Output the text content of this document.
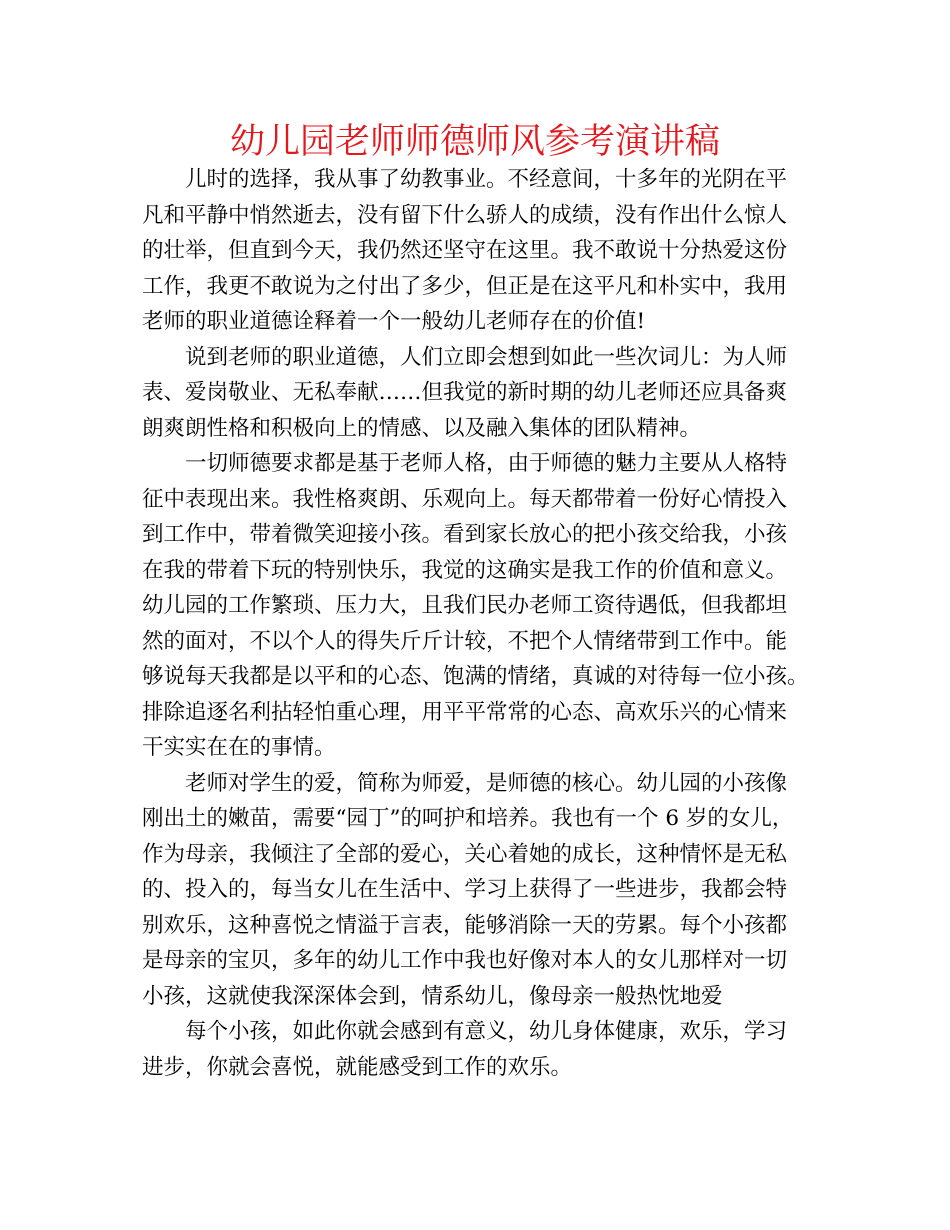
幼儿园老师师德师风参考演讲稿
儿时的选择，我从事了幼教事业。不经意间，十多年的光阴在平
凡和平静中悄然逝去，没有留下什么骄人的成绩，没有作出什么惊人
的壮举，但直到今天，我仍然还坚守在这里。我不敢说十分热爱这份
工作，我更不敢说为之付出了多少，但正是在这平凡和朴实中，我用
老师的职业道德诠释着一个一般幼儿老师存在的价值!
说到老师的职业道德，人们立即会想到如此一些次词儿：为人师
表、爱岗敬业、无私奉献……但我觉的新时期的幼儿老师还应具备爽
朗爽朗性格和积极向上的情感、以及融入集体的团队精神。
一切师德要求都是基于老师人格，由于师德的魅力主要从人格特
征中表现出来。我性格爽朗、乐观向上。每天都带着一份好心情投入
到工作中，带着微笑迎接小孩。看到家长放心的把小孩交给我，小孩
在我的带着下玩的特别快乐，我觉的这确实是我工作的价值和意义。
幼儿园的工作繁琐、压力大，且我们民办老师工资待遇低，但我都坦
然的面对，不以个人的得失斤斤计较，不把个人情绪带到工作中。能
够说每天我都是以平和的心态、饱满的情绪，真诚的对待每一位小孩。
排除追逐名利拈轻怕重心理，用平平常常的心态、高欢乐兴的心情来
干实实在在的事情。
老师对学生的爱，简称为师爱，是师德的核心。幼儿园的小孩像
刚出土的嫩苗，需要“园丁”的呵护和培养。我也有一个 6 岁的女儿，
作为母亲，我倾注了全部的爱心，关心着她的成长，这种情怀是无私
的、投入的，每当女儿在生活中、学习上获得了一些进步，我都会特
别欢乐，这种喜悦之情溢于言表，能够消除一天的劳累。每个小孩都
是母亲的宝贝，多年的幼儿工作中我也好像对本人的女儿那样对一切
小孩，这就使我深深体会到，情系幼儿，像母亲一般热忱地爱
每个小孩，如此你就会感到有意义，幼儿身体健康，欢乐，学习
进步，你就会喜悦，就能感受到工作的欢乐。
